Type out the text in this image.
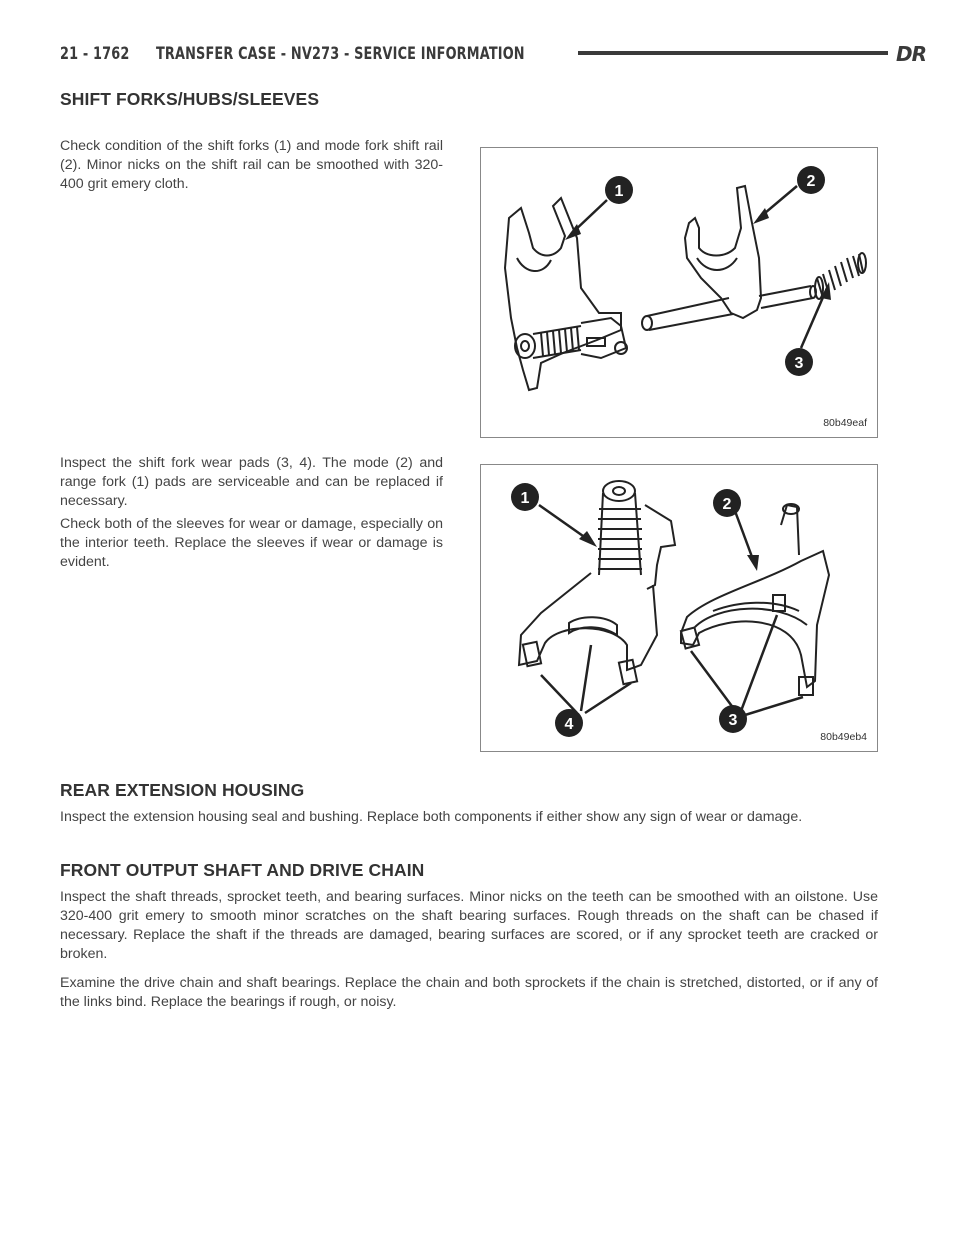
21 - 1762	TRANSFER CASE - NV273 - SERVICE INFORMATION	DR
SHIFT FORKS/HUBS/SLEEVES

Check condition of the shift forks (1) and mode fork shift rail (2). Minor nicks on the shift rail can be smoothed with 320-400 grit emery cloth.	1
2
3
80b49eaf

Inspect the shift fork wear pads (3, 4). The mode (2) and range fork (1) pads are serviceable and can be replaced if necessary.

Check both of the sleeves for wear or damage, especially on the interior teeth. Replace the sleeves if wear or damage is evident.

1	2
4	3
80b49eb4
REAR EXTENSION HOUSING

Inspect the extension housing seal and bushing. Replace both components if either show any sign of wear or damage.

FRONT OUTPUT SHAFT AND DRIVE CHAIN

Inspect the shaft threads, sprocket teeth, and bearing surfaces. Minor nicks on the teeth can be smoothed with an oilstone. Use 320-400 grit emery to smooth minor scratches on the shaft bearing surfaces. Rough threads on the shaft can be chased if necessary. Replace the shaft if the threads are damaged, bearing surfaces are scored, or if any sprocket teeth are cracked or broken.

Examine the drive chain and shaft bearings. Replace the chain and both sprockets if the chain is stretched, distorted, or if any of the links bind. Replace the bearings if rough, or noisy.
